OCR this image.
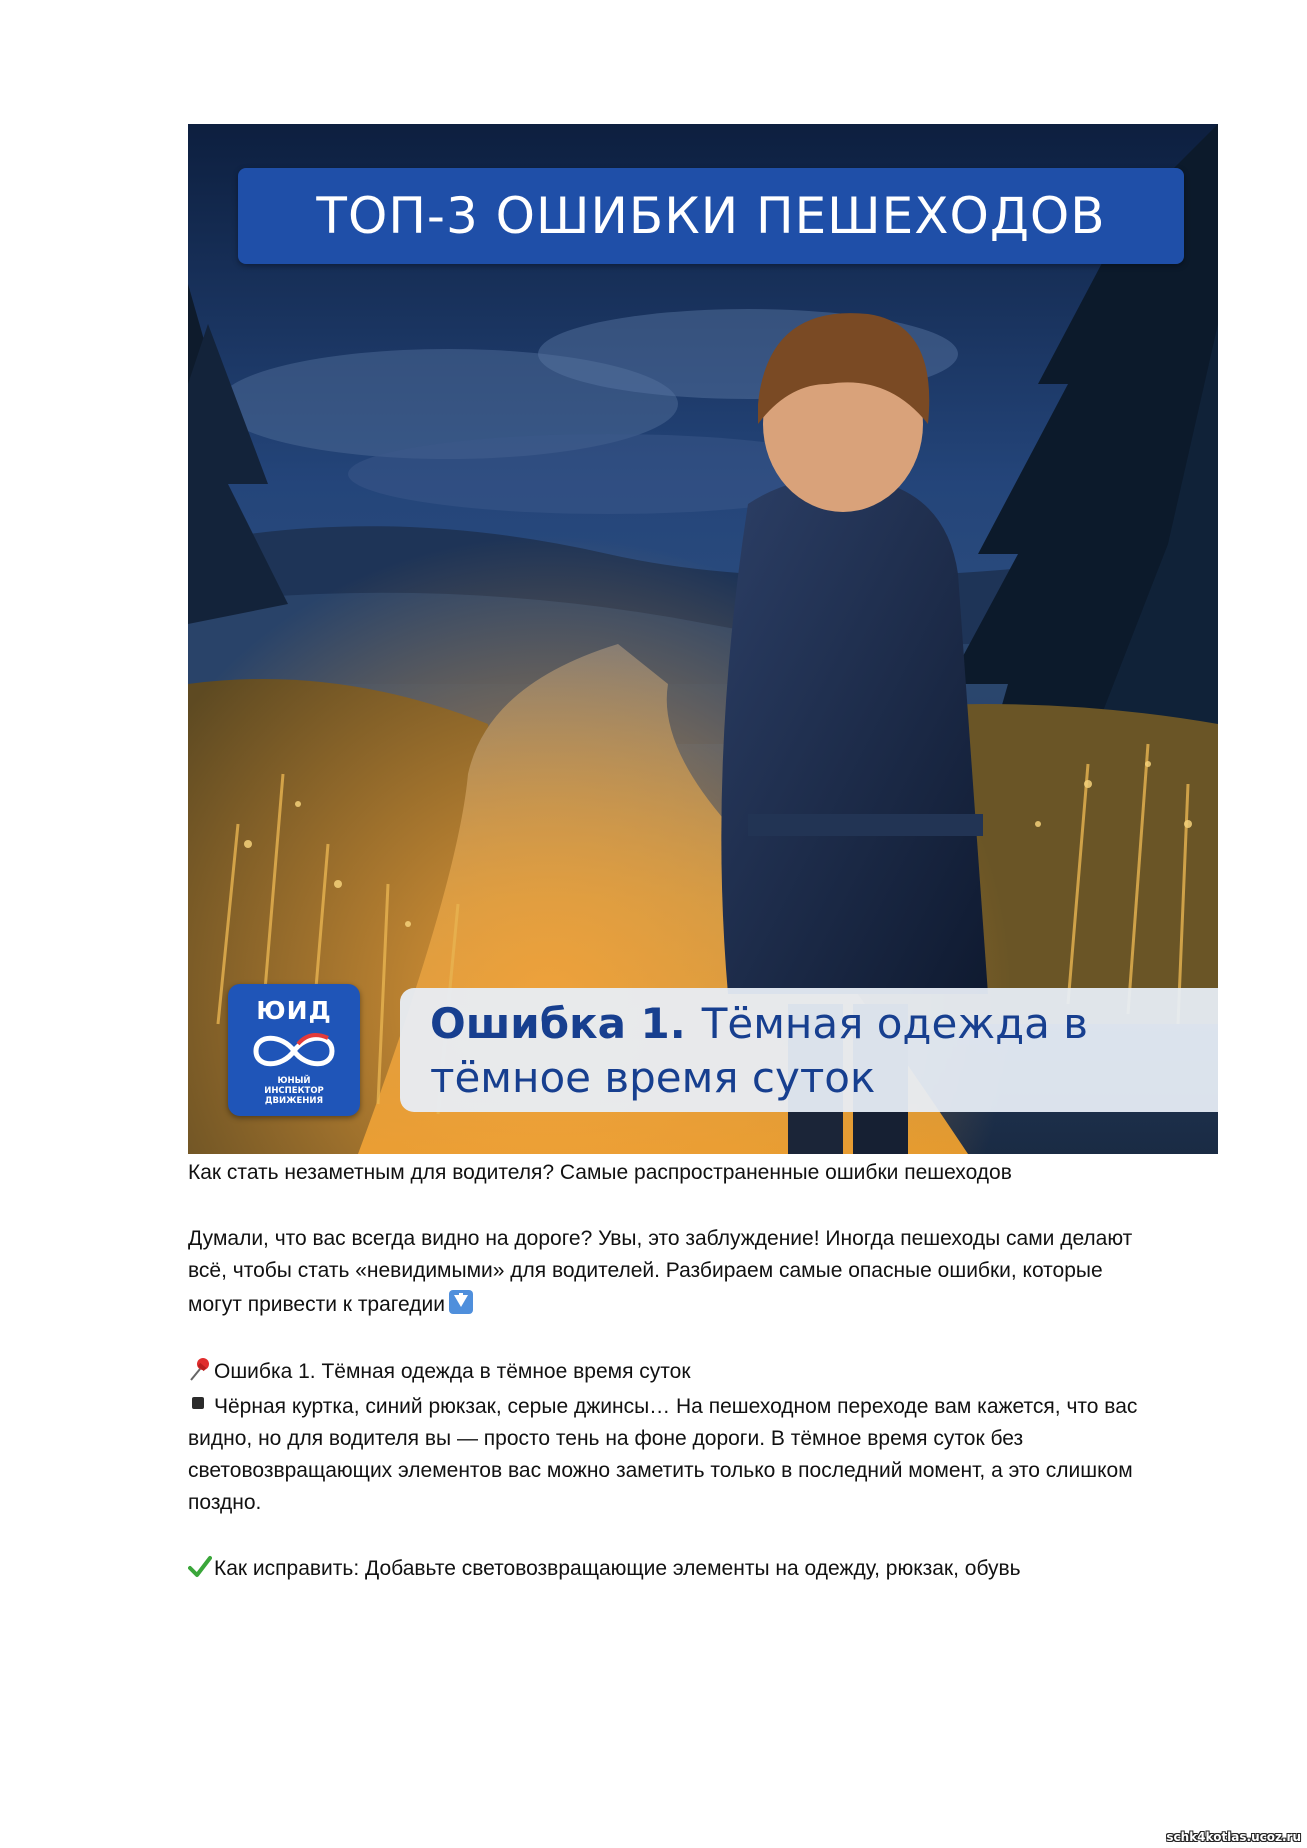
ТОП-3 ОШИБКИ ПЕШЕХОДОВ
ЮИД
ЮНЫЙ
ИНСПЕКТОР
ДВИЖЕНИЯ
Ошибка 1. Тёмная одежда в
тёмное время суток
Как стать незаметным для водителя? Самые распространенные ошибки пешеходов
Думали, что вас всегда видно на дороге? Увы, это заблуждение! Иногда пешеходы сами делают
всё, чтобы стать «невидимыми» для водителей. Разбираем самые опасные ошибки, которые
могут привести к трагедии
Ошибка 1. Тёмная одежда в тёмное время суток
Чёрная куртка, синий рюкзак, серые джинсы… На пешеходном переходе вам кажется, что вас
видно, но для водителя вы — просто тень на фоне дороги. В тёмное время суток без
световозвращающих элементов вас можно заметить только в последний момент, а это слишком
поздно.
Как исправить: Добавьте световозвращающие элементы на одежду, рюкзак, обувь
schk4kotlas.ucoz.ru
